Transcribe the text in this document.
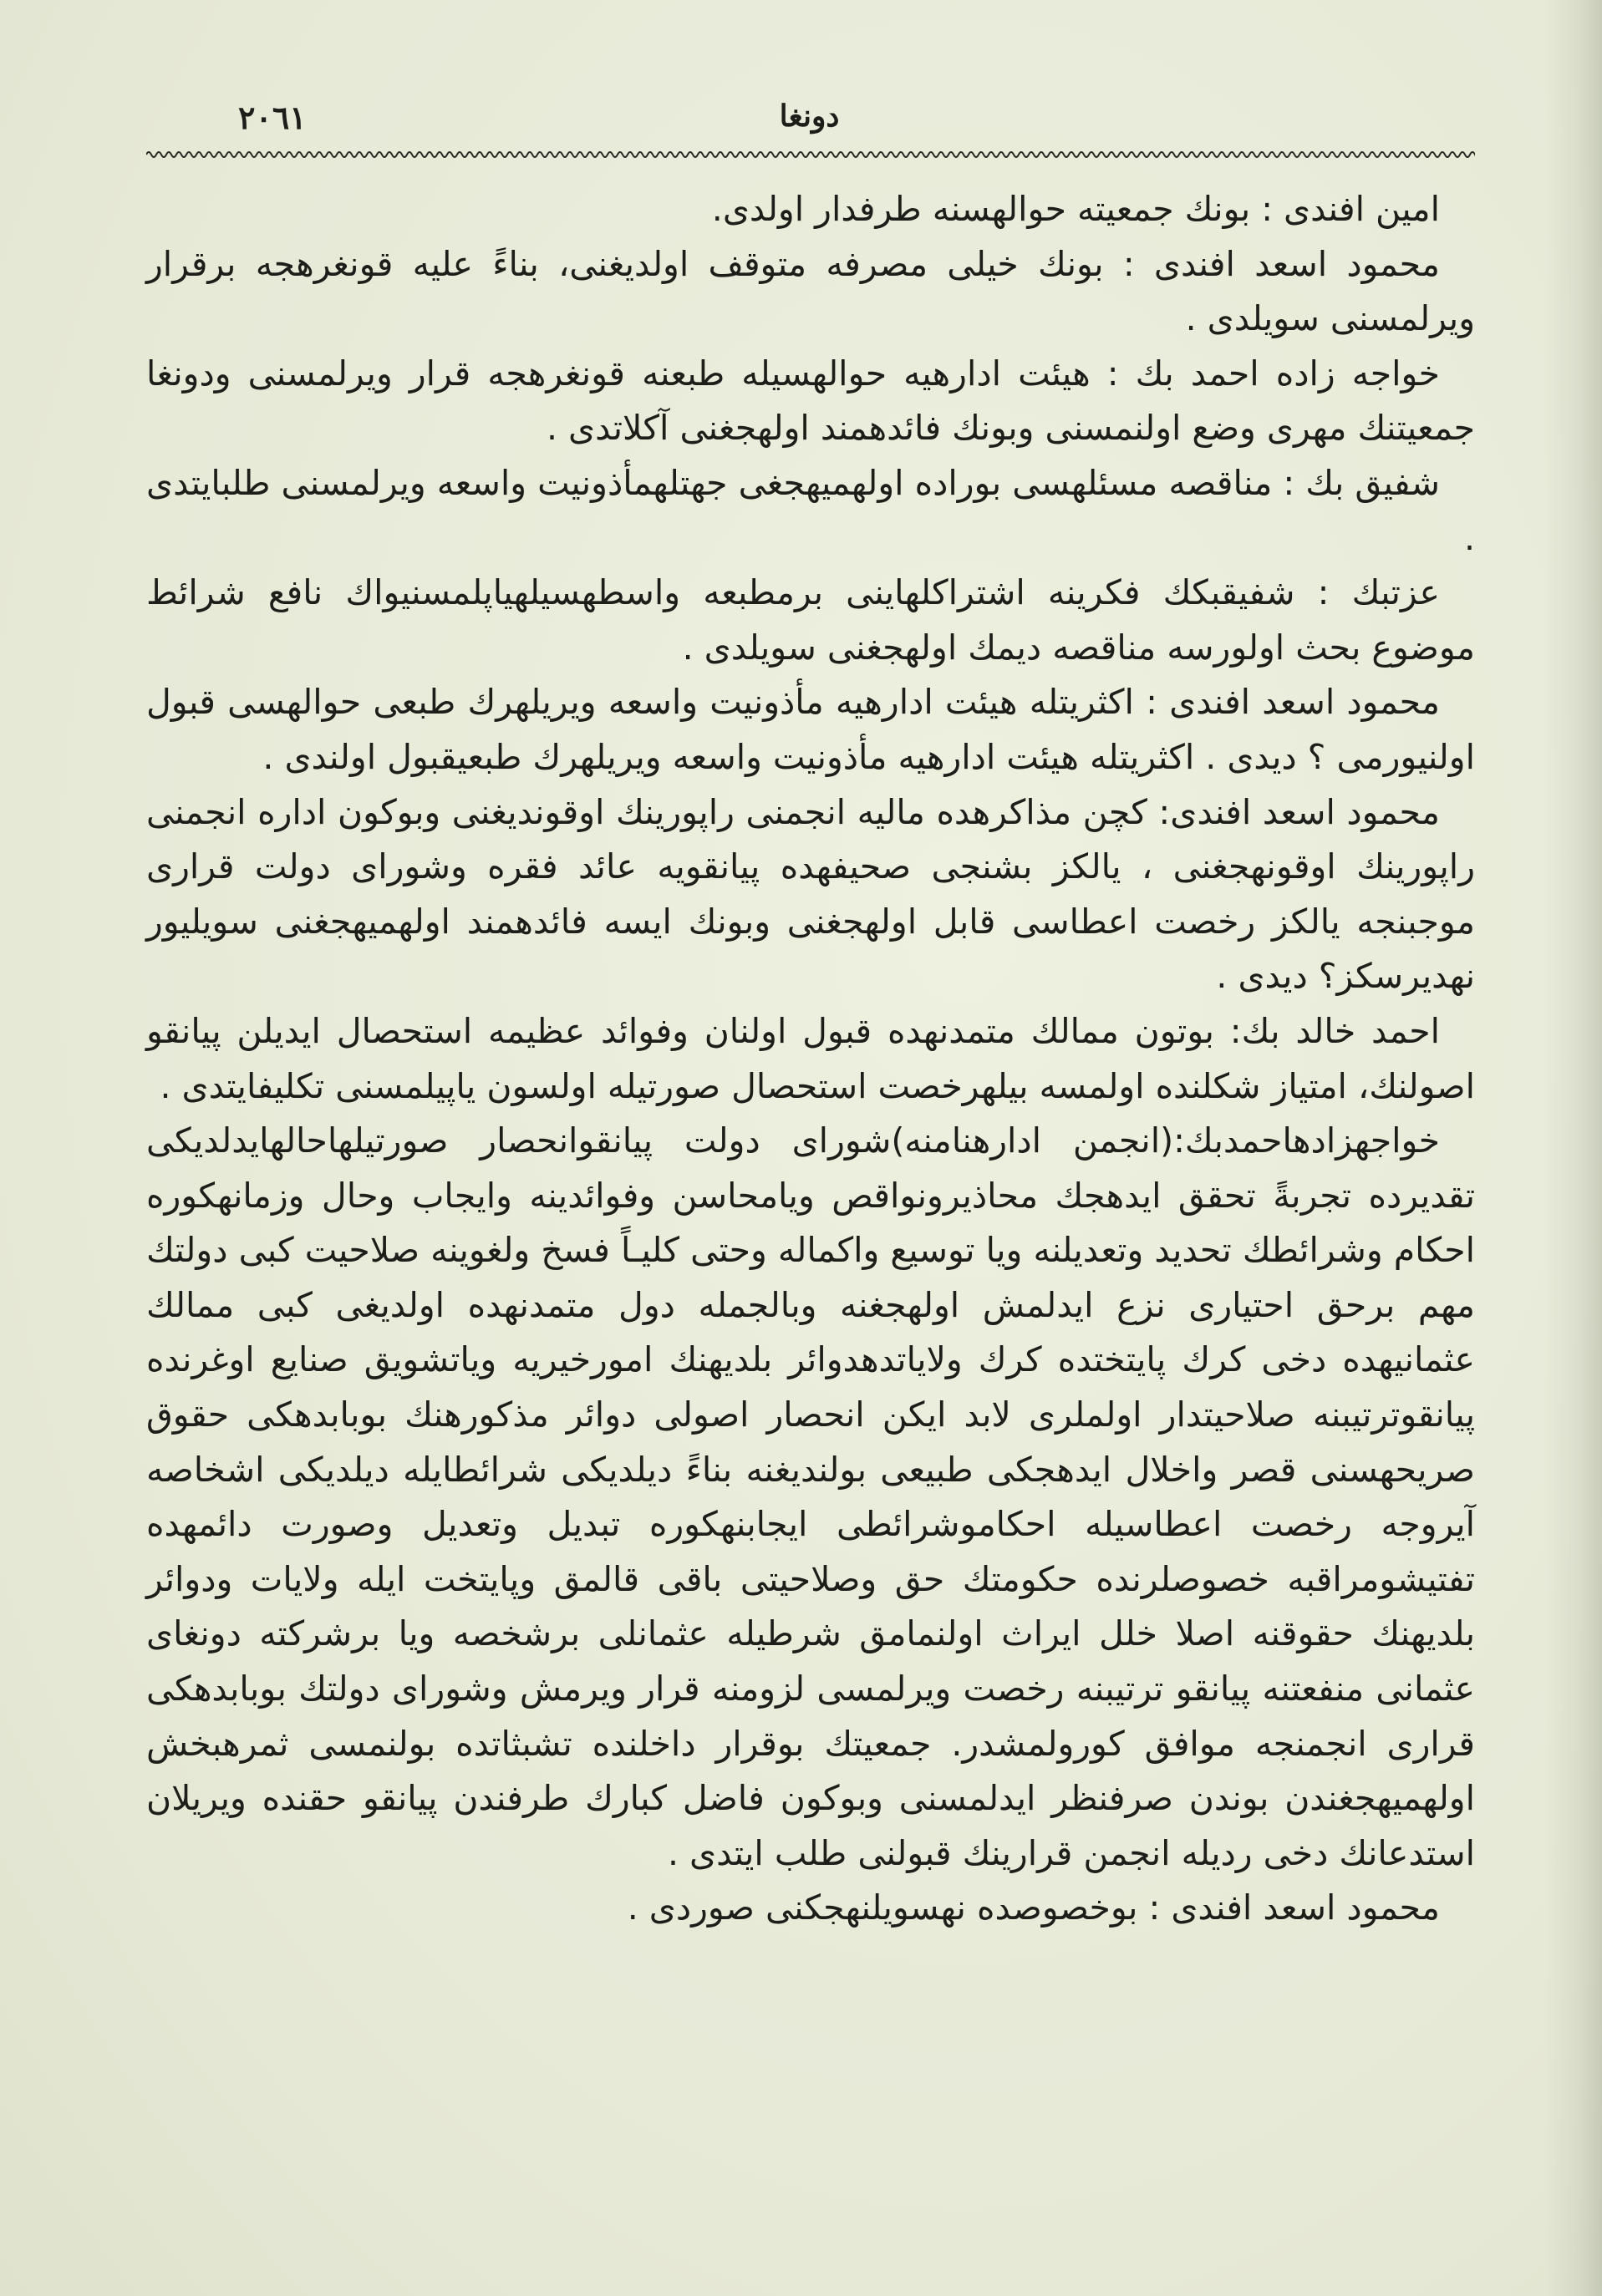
دونغا
٢٠٦١

امين افندی : بونك جمعيته حوالهسنه طرفدار اولدی.

محمود اسعد افندی : بونك خيلی مصرفه متوقف اولديغنی، بناءً عليه قونغرهجه برقرار ويرلمسنی سويلدی .

خواجه زاده احمد بك : هيئت ادارهيه حوالهسيله طبعنه قونغرهجه قرار ويرلمسنی ودونغا جمعيتنك مهری وضع اولنمسنی وبونك فائدهمند اولهجغنی آكلاتدی .

شفيق بك : مناقصه مسئلهسی بوراده اولهميهجغی جهتلهمأذونيت واسعه ويرلمسنی طلبايتدی .

عزتبك : شفيقبكك فكرينه اشتراكلهاينی برمطبعه واسطهسيلهياپلمسنیواك نافع شرائط موضوع بحث اولورسه مناقصه ديمك اولهجغنی سويلدی .

محمود اسعد افندی : اكثريتله هيئت ادارهيه مأذونيت واسعه ويريلهرك طبعی حوالهسی قبول اولنيورمی ؟ ديدی . اكثريتله هيئت ادارهيه مأذونيت واسعه ويريلهرك طبعیقبول اولندی .

محمود اسعد افندی: كچن مذاكرهده ماليه انجمنی راپورينك اوقونديغنی وبوكون اداره انجمنی راپورينك اوقونهجغنی ، يالكز بشنجی صحيفهده پيانقويه عائد فقره وشورای دولت قراری موجبنجه يالكز رخصت اعطاسی قابل اولهجغنی وبونك ايسه فائدهمند اولهميهجغنی سويليور نهديرسكز؟ ديدی .

احمد خالد بك: بوتون ممالك متمدنهده قبول اولنان وفوائد عظيمه استحصال ايديلن پيانقو اصولنك، امتياز شكلنده اولمسه بيلهرخصت استحصال صورتيله اولسون ياپيلمسنی تكليفايتدی .

خواجهزادهاحمدبك:(انجمن ادارهنامنه)شورای دولت پيانقوانحصار صورتيلهاحالهايدلديكی تقديرده تجربةً تحقق ايدهجك محاذيرونواقص ويامحاسن وفوائدينه وايجاب وحال وزمانهكوره احكام وشرائطك تحديد وتعديلنه ويا توسيع واكماله وحتی كليـاً فسخ ولغوينه صلاحيت كبی دولتك مهم برحق احتياری نزع ايدلمش اولهجغنه وبالجمله دول متمدنهده اولديغی كبی ممالك عثمانيهده دخی كرك پايتختده كرك ولاياتدهدوائر بلديهنك امورخيريه وياتشويق صنايع اوغرنده پيانقوترتيبنه صلاحيتدار اولملری لابد ايكن انحصار اصولی دوائر مذكورهنك بوبابدهكی حقوق صريحهسنی قصر واخلال ايدهجكی طبيعی بولنديغنه بناءً ديلديكی شرائطايله ديلديكی اشخاصه آيروجه رخصت اعطاسيله احكاموشرائطی ايجابنهكوره تبديل وتعديل وصورت دائمهده تفتيشومراقبه خصوصلرنده حكومتك حق وصلاحيتی باقی قالمق وپايتخت ايله ولايات ودوائر بلديهنك حقوقنه اصلا خلل ايراث اولنمامق شرطيله عثمانلی برشخصه ويا برشركته دونغای عثمانی منفعتنه پيانقو ترتيبنه رخصت ويرلمسی لزومنه قرار ويرمش وشورای دولتك بوبابدهكی قراری انجمنجه موافق كورولمشدر. جمعيتك بوقرار داخلنده تشبثاتده بولنمسی ثمرهبخش اولهميهجغندن بوندن صرفنظر ايدلمسنی وبوكون فاضل كبارك طرفندن پيانقو حقنده ويريلان استدعانك دخی رديله انجمن قرارينك قبولنی طلب ايتدی .

محمود اسعد افندی : بوخصوصده نهسويلنهجكنی صوردی .
